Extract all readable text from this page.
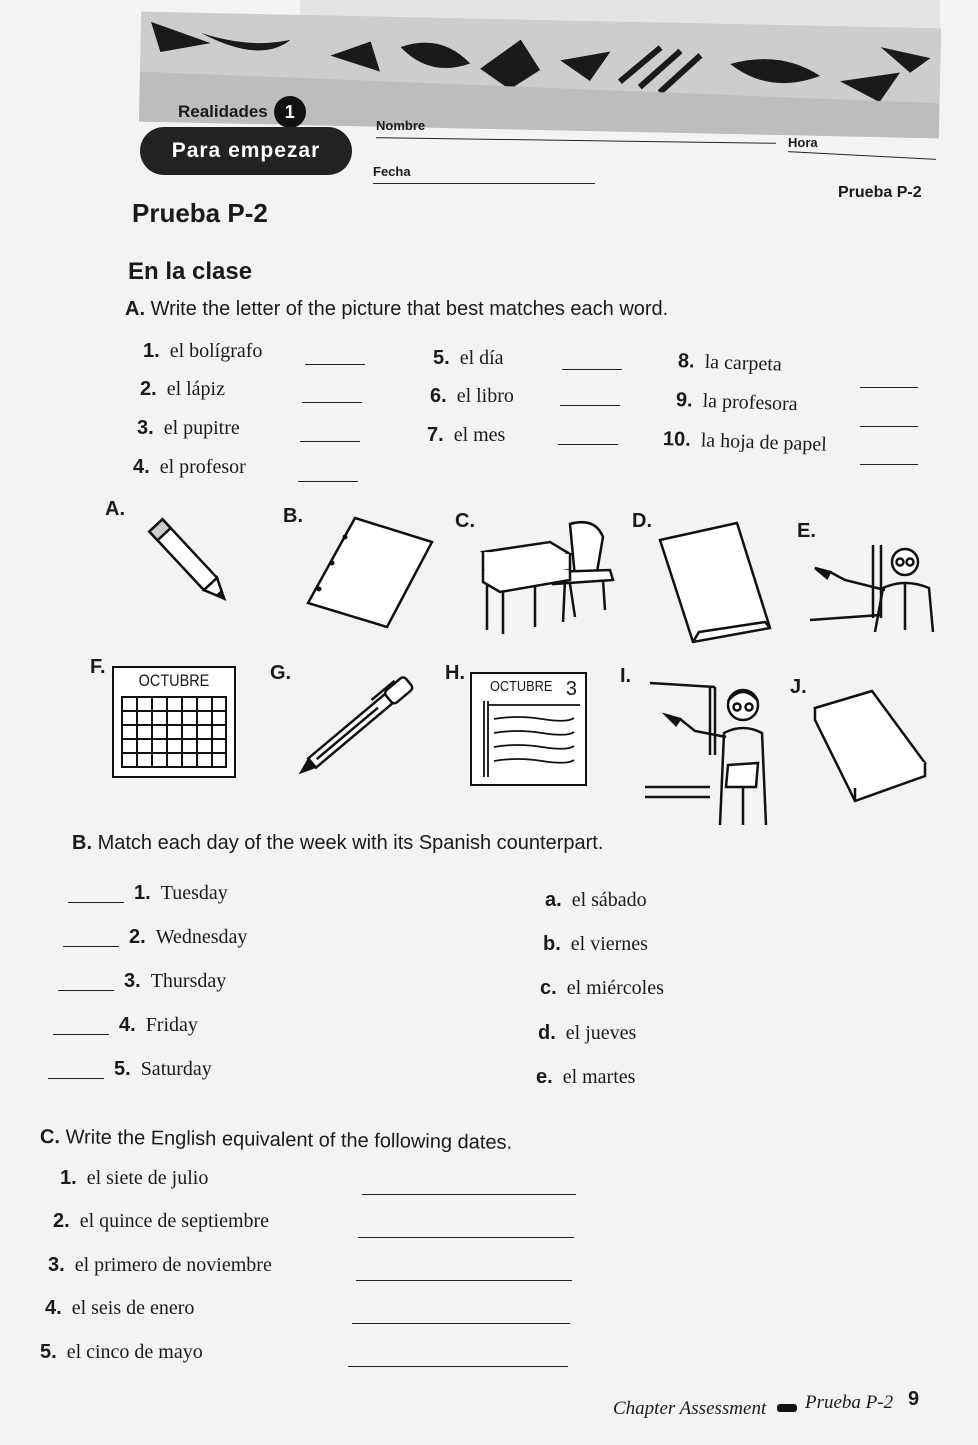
Realidades 1
Para empezar
Nombre
Hora
Fecha
Prueba P-2
Prueba P-2
En la clase
A. Write the letter of the picture that best matches each word.
1. el bolígrafo
2. el lápiz
3. el pupitre
4. el profesor
5. el día
6. el libro
7. el mes
8. la carpeta
9. la profesora
10. la hoja de papel
A.	B.	C.	D.	E.
F.	G.	H.	I.	J.
OCTUBRE	OCTUBRE 3
B. Match each day of the week with its Spanish counterpart.
1. Tuesday
2. Wednesday
3. Thursday
4. Friday
5. Saturday
a. el sábado
b. el viernes
c. el miércoles
d. el jueves
e. el martes
C. Write the English equivalent of the following dates.
1. el siete de julio
2. el quince de septiembre
3. el primero de noviembre
4. el seis de enero
5. el cinco de mayo
Chapter Assessment Prueba P-2 9
